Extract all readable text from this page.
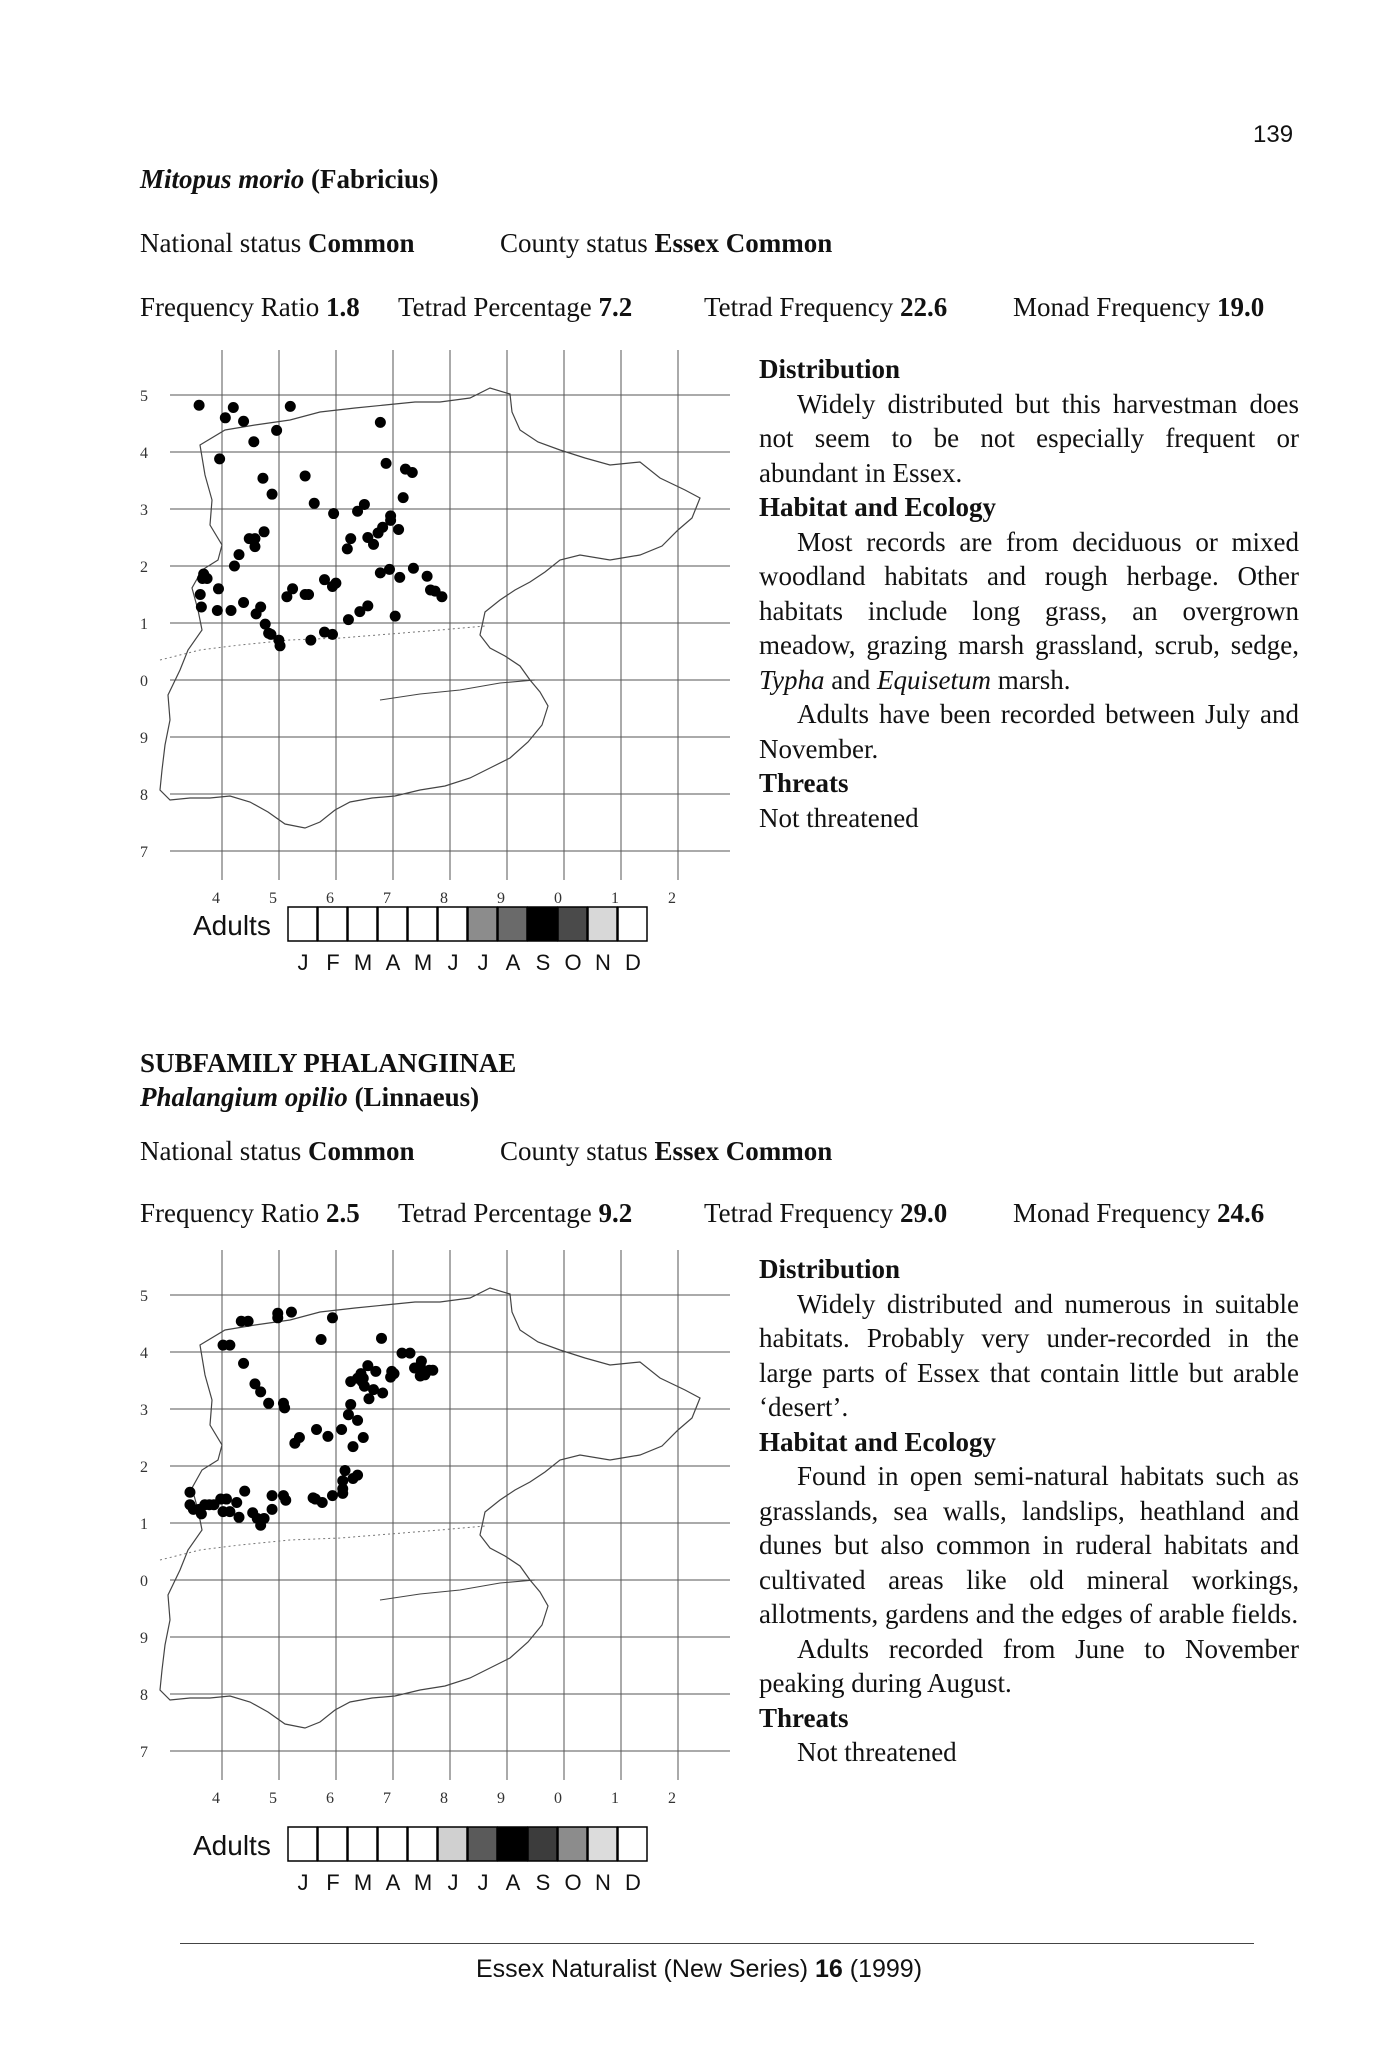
139
Mitopus morio (Fabricius)
National status Common	County status Essex Common
Frequency Ratio 1.8 Tetrad Percentage 7.2	Tetrad Frequency 22.6 Monad Frequency 19.0
5
4
3
2
1
0
9
8
7
4	5	6	7	8	9	0	1	2
Adults
J F M A M J J A S O N D
Distribution
Widely distributed but this harvestman does not seem to be not especially frequent or abundant in Essex.
Habitat and Ecology
Most records are from deciduous or mixed woodland habitats and rough herbage. Other habitats include long grass, an overgrown meadow, grazing marsh grassland, scrub, sedge, Typha and Equisetum marsh.
Adults have been recorded between July and November.
Threats
Not threatened
SUBFAMILY PHALANGIINAE
Phalangium opilio (Linnaeus)
National status Common	County status Essex Common
Frequency Ratio 2.5 Tetrad Percentage 9.2	Tetrad Frequency 29.0 Monad Frequency 24.6
5
4
3
2
1
0
9
8
7
4	5	6	7	8	9	0	1	2
Adults
J F M A M J J A S O N D
Distribution
Widely distributed and numerous in suitable habitats. Probably very under-recorded in the large parts of Essex that contain little but arable ‘desert’.
Habitat and Ecology
Found in open semi-natural habitats such as grasslands, sea walls, landslips, heathland and dunes but also common in ruderal habitats and cultivated areas like old mineral workings, allotments, gardens and the edges of arable fields.
Adults recorded from June to November peaking during August.
Threats
Not threatened
Essex Naturalist (New Series) 16 (1999)
